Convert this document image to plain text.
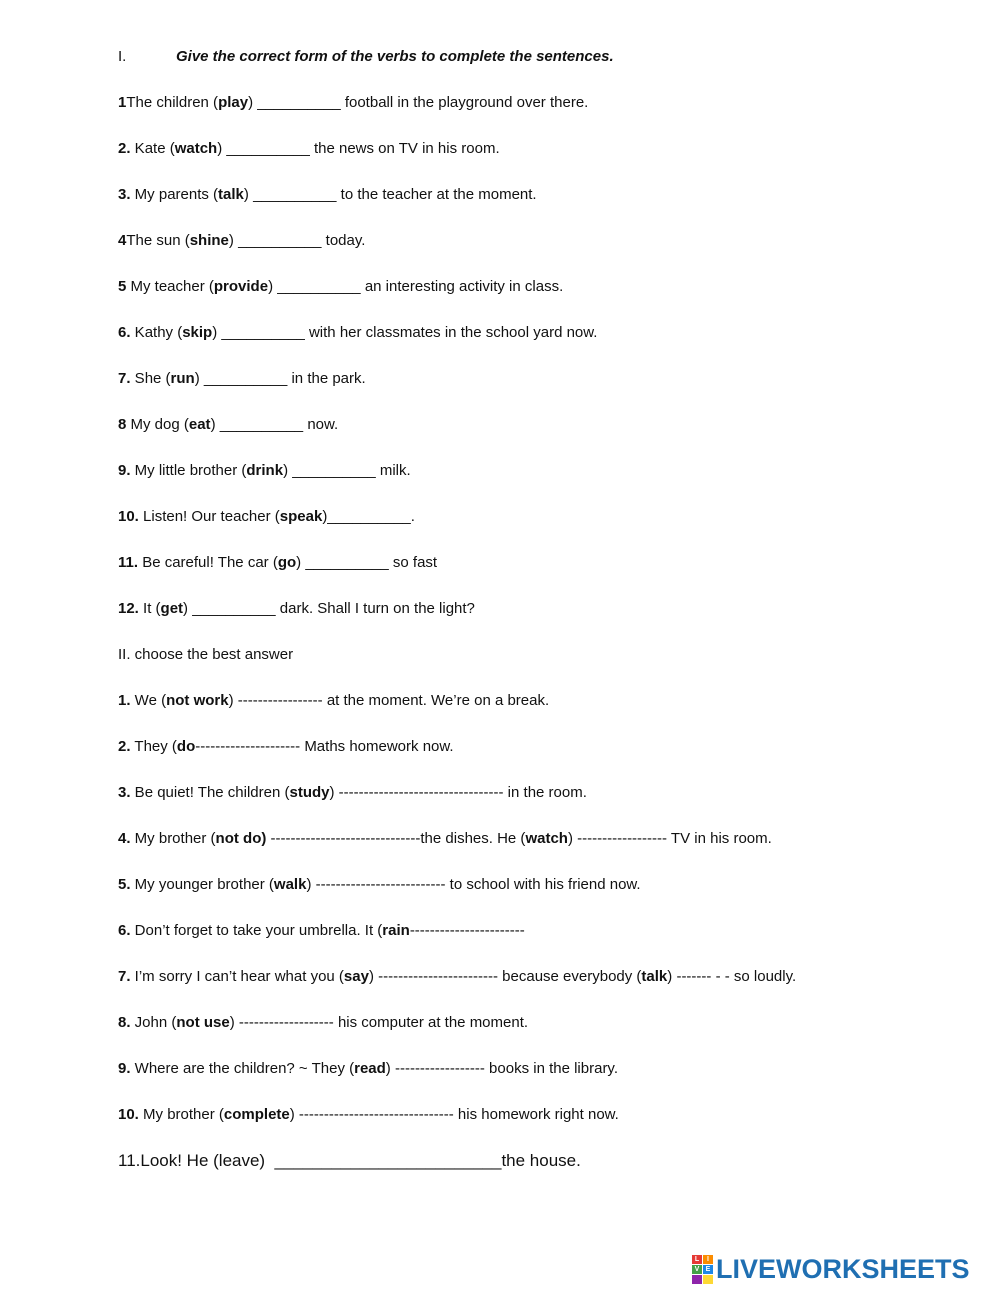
I.	Give the correct form of the verbs to complete the sentences.
1The children (play) __________ football in the playground over there.
2. Kate (watch) __________ the news on TV in his room.
3. My parents (talk) __________ to the teacher at the moment.
4The sun (shine) __________ today.
5 My teacher (provide) __________ an interesting activity in class.
6. Kathy (skip) __________ with her classmates in the school yard now.
7. She (run) __________ in the park.
8 My dog (eat) __________ now.
9. My little brother (drink) __________ milk.
10. Listen! Our teacher (speak)__________.
11. Be careful! The car (go) __________ so fast
12. It (get) __________ dark. Shall I turn on the light?
II. choose the best answer
1. We (not work) ----------------- at the moment. We’re on a break.
2. They (do--------------------- Maths homework now.
3. Be quiet! The children (study) --------------------------------- in the room.
4. My brother (not do) ------------------------------the dishes. He (watch) ------------------ TV in his room.
5. My younger brother (walk) -------------------------- to school with his friend now.
6. Don’t forget to take your umbrella. It (rain-----------------------
7. I’m sorry I can’t hear what you (say) ------------------------ because everybody (talk) ------- - - so loudly.
8. John (not use) ------------------- his computer at the moment.
9. Where are the children? ~ They (read) ------------------ books in the library.
10. My brother (complete) ------------------------------- his homework right now.
11.Look! He (leave)  ________________________the house.
L	I
V E LIVEWORKSHEETS
